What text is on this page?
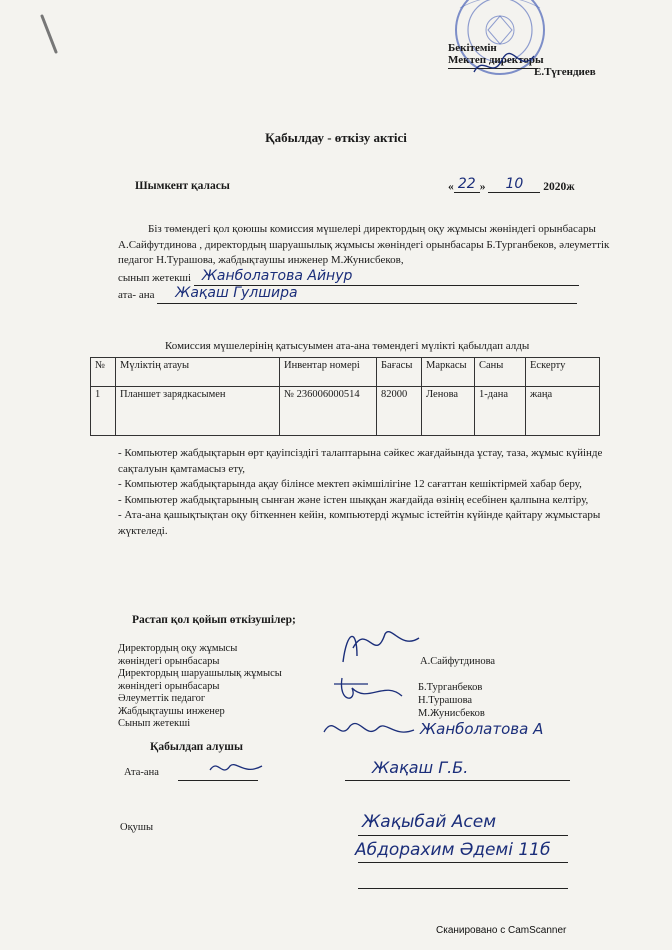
Бекітемін
Мектеп директоры
Е.Түгендиев
Қабылдау - өткізу актісі
Шымкент қаласы	« 22 » 10 2020ж

Біз төмендегі қол қоюшы комиссия мүшелері директордың оқу жұмысы жөніндегі орынбасары А.Сайфутдинова , директордың шаруашылық жұмысы жөніндегі орынбасары Б.Турганбеков, әлеуметтік педагог Н.Турашова, жабдықтаушы инженер М.Жунисбеков,

сынып жетекші Жанболатова Айнур

ата- ана Жақаш Гулшира

Комиссия мүшелерінің қатысуымен ата-ана төмендегі мүлікті қабылдап алды
№	Мүліктің атауы	Инвентар номері	Бағасы	Маркасы	Саны	Ескерту
1	Планшет зарядкасымен	№ 236006000514	82000	Ленова	1-дана	жаңа

- Компьютер жабдықтарын өрт қауіпсіздігі талаптарына сәйкес жағдайында ұстау, таза, жұмыс күйінде сақталуын қамтамасыз ету,

- Компьютер жабдықтарында ақау білінсе мектеп әкімшілігіне 12 сағаттан кешіктірмей хабар беру,

- Компьютер жабдықтарының сынған және істен шыққан жағдайда өзінің есебінен қалпына келтіру,

- Ата-ана қашықтықтан оқу біткеннен кейін, компьютерді жұмыс істейтін күйінде қайтару жұмыстары жүктеледі.

Растап қол қойып өткізушілер;
Директордың оқу жұмысы
жөніндегі орынбасары
Директордың шаруашылық жұмысы
жөніндегі орынбасары
Әлеуметтік педагог
Жабдықтаушы инженер
Сынып жетекші
А.Сайфутдинова
Б.Турганбеков
Н.Турашова
М.Жунисбеков
Жанболатова А
Қабылдап алушы
Ата-ана	Жақаш Г.Б.
Оқушы	Жақыбай Асем
Абдорахим Әдемі 11б
Сканировано с CamScanner
